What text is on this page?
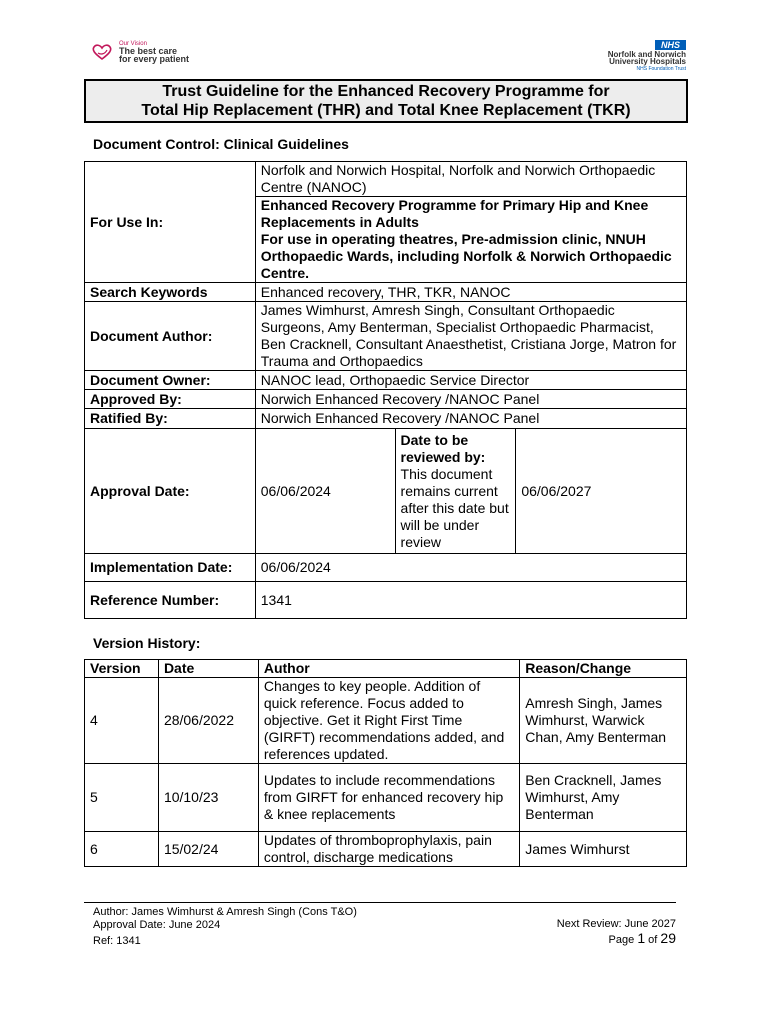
Our Vision
The best care
for every patient
NHS
Norfolk and Norwich
University Hospitals
NHS Foundation Trust
Trust Guideline for the Enhanced Recovery Programme for
Total Hip Replacement (THR) and Total Knee Replacement (TKR)
Document Control: Clinical Guidelines
For Use In:	Norfolk and Norwich Hospital, Norfolk and Norwich Orthopaedic Centre (NANOC)		

	Enhanced Recovery Programme for Primary Hip and Knee Replacements in Adults
For use in operating theatres, Pre-admission clinic, NNUH Orthopaedic Wards, including Norfolk & Norwich Orthopaedic Centre.		

Search Keywords	Enhanced recovery, THR, TKR, NANOC		
Document Author:	James Wimhurst, Amresh Singh, Consultant Orthopaedic Surgeons, Amy Benterman, Specialist Orthopaedic Pharmacist, Ben Cracknell, Consultant Anaesthetist, Cristiana Jorge, Matron for Trauma and Orthopaedics		
Document Owner:	NANOC lead, Orthopaedic Service Director		
Approved By:	Norwich Enhanced Recovery /NANOC Panel		
Ratified By:	Norwich Enhanced Recovery /NANOC Panel		
Approval Date:	06/06/2024	Date to be reviewed by:
This document remains current after this date but will be under review	06/06/2027
Implementation Date:	06/06/2024		
Reference Number:	1341		
Version History:
Version	Date	Author	Reason/Change
4	28/06/2022	Changes to key people. Addition of quick reference. Focus added to objective. Get it Right First Time (GIRFT) recommendations added, and references updated.	Amresh Singh, James Wimhurst, Warwick Chan, Amy Benterman
5	10/10/23	Updates to include recommendations from GIRFT for enhanced recovery hip & knee replacements	Ben Cracknell, James Wimhurst, Amy Benterman
6	15/02/24	Updates of thromboprophylaxis, pain control, discharge medications	James Wimhurst
Author: James Wimhurst & Amresh Singh (Cons T&O)
Approval Date: June 2024
Ref: 1341
Next Review: June 2027
Page 1 of 29
